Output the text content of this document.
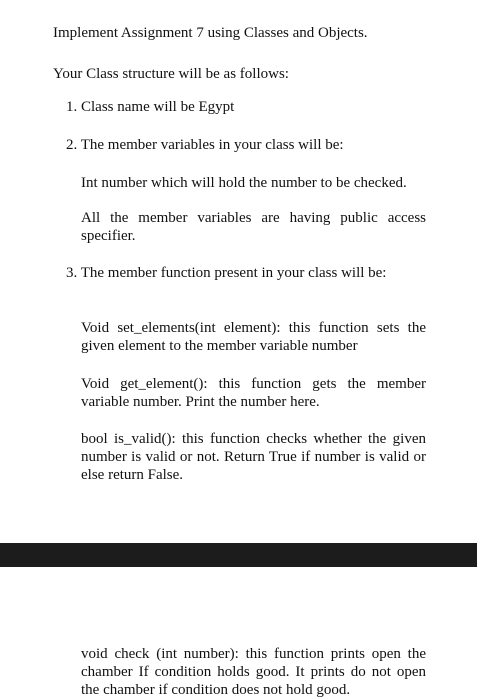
Implement Assignment 7 using Classes and Objects.
Your Class structure will be as follows:
1. Class name will be Egypt
2. The member variables in your class will be:
Int number which will hold the number to be checked.
All the member variables are having public access specifier.
3. The member function present in your class will be:
Void set_elements(int element): this function sets the given element to the member variable number
Void get_element(): this function gets the member variable number. Print the number here.
bool is_valid(): this function checks whether the given number is valid or not. Return True if number is valid or else return False.
void check (int number): this function prints open the chamber If condition holds good. It prints do not open the chamber if condition does not hold good.
